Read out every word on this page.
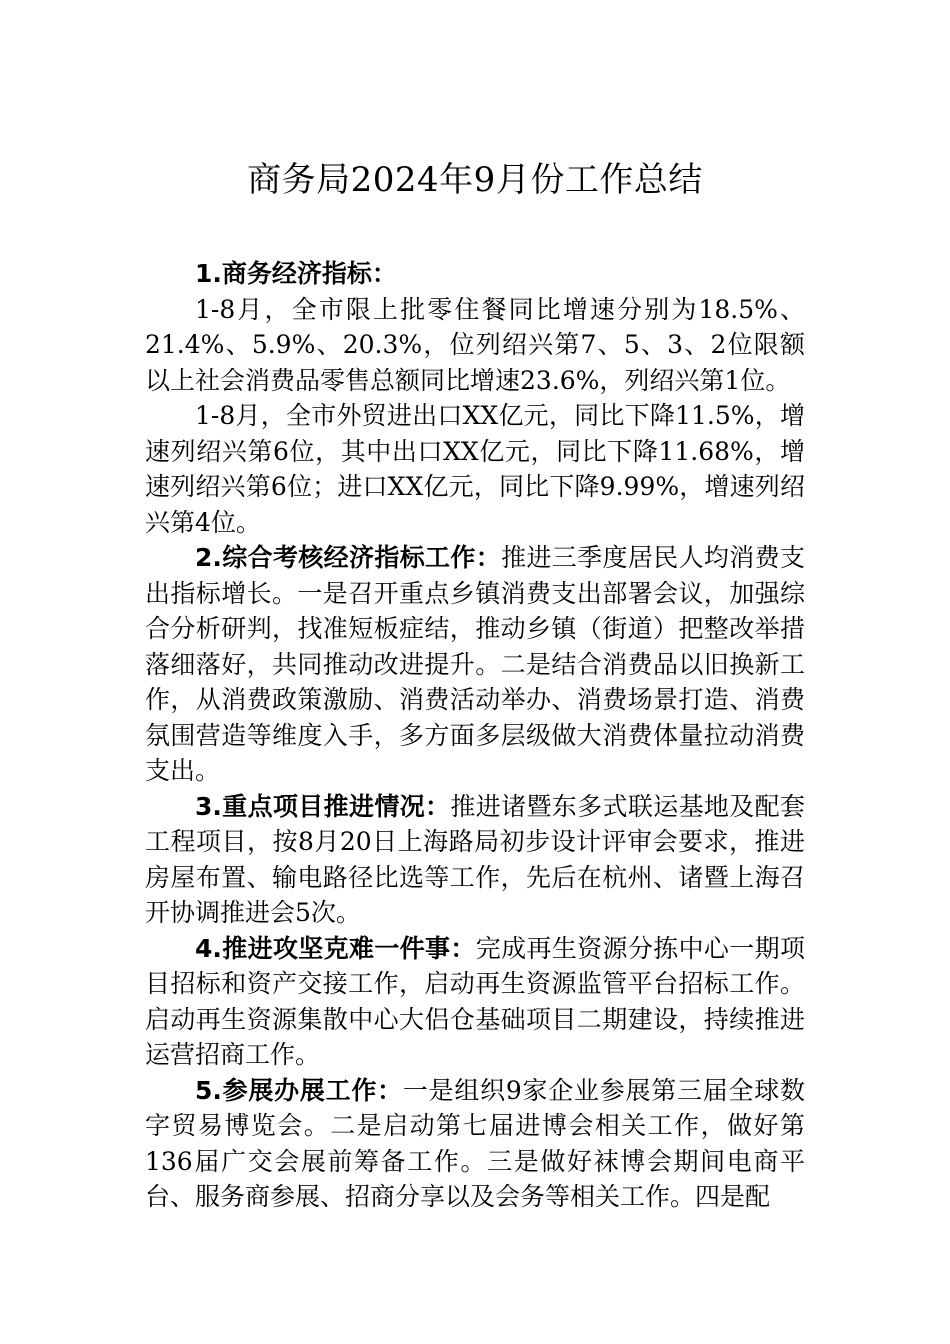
商务局2024年9月份工作总结

1.商务经济指标：

1-8月，全市限上批零住餐同比增速分别为18.5%、21.4%、5.9%、20.3%，位列绍兴第7、5、3、2位限额以上社会消费品零售总额同比增速23.6%，列绍兴第1位。

1-8月，全市外贸进出口XX亿元，同比下降11.5%，增速列绍兴第6位，其中出口XX亿元，同比下降11.68%，增速列绍兴第6位；进口XX亿元，同比下降9.99%，增速列绍兴第4位。

2.综合考核经济指标工作：推进三季度居民人均消费支出指标增长。一是召开重点乡镇消费支出部署会议，加强综合分析研判，找准短板症结，推动乡镇（街道）把整改举措落细落好，共同推动改进提升。二是结合消费品以旧换新工作，从消费政策激励、消费活动举办、消费场景打造、消费氛围营造等维度入手，多方面多层级做大消费体量拉动消费支出。

3.重点项目推进情况：推进诸暨东多式联运基地及配套工程项目，按8月20日上海路局初步设计评审会要求，推进房屋布置、输电路径比选等工作，先后在杭州、诸暨上海召开协调推进会5次。

4.推进攻坚克难一件事：完成再生资源分拣中心一期项目招标和资产交接工作，启动再生资源监管平台招标工作。启动再生资源集散中心大侣仓基础项目二期建设，持续推进运营招商工作。

5.参展办展工作：一是组织9家企业参展第三届全球数字贸易博览会。二是启动第七届进博会相关工作，做好第136届广交会展前筹备工作。三是做好袜博会期间电商平台、服务商参展、招商分享以及会务等相关工作。四是配
